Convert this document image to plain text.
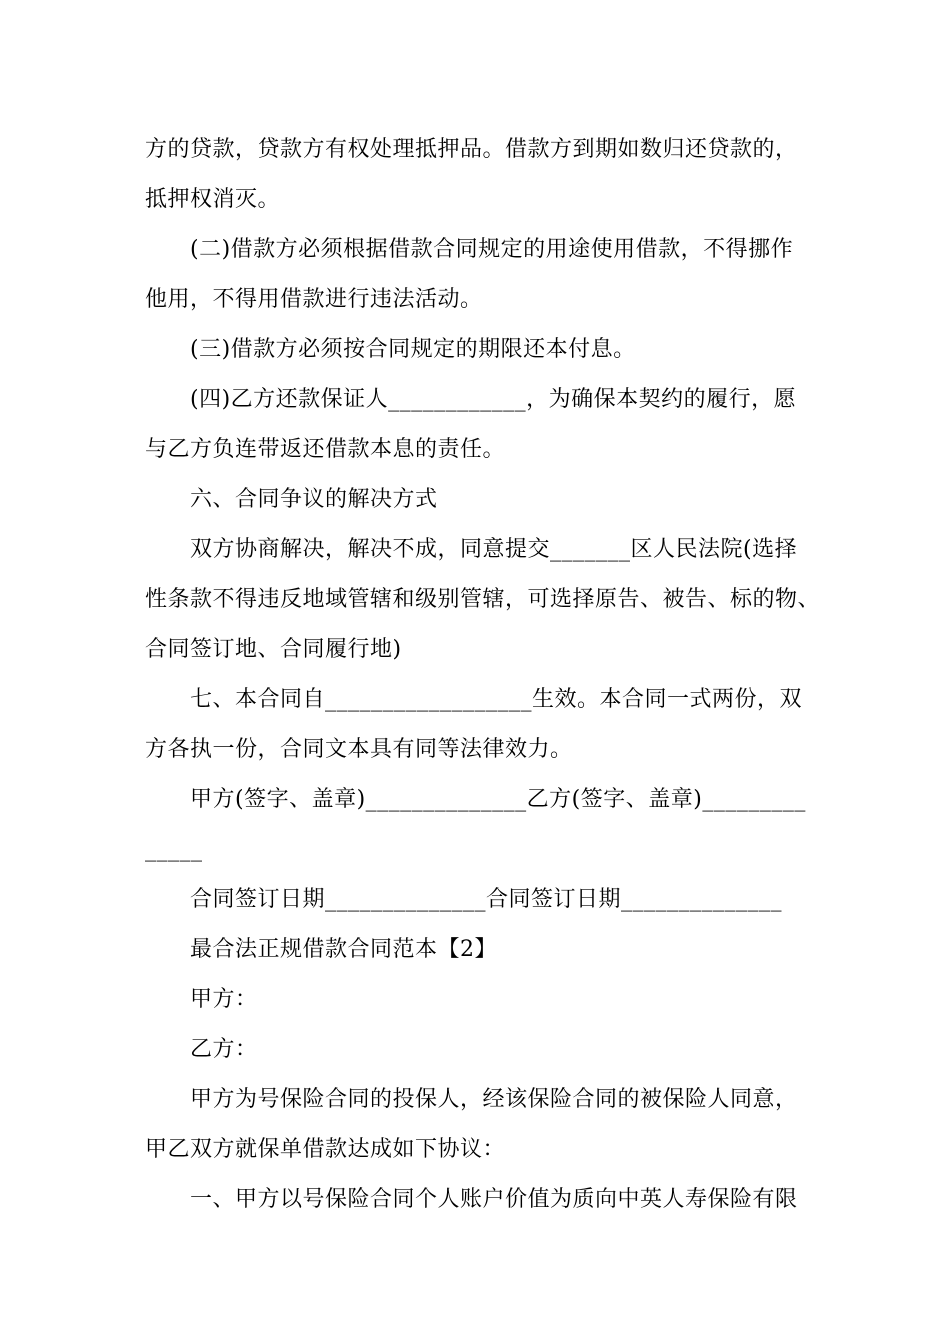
方的贷款，贷款方有权处理抵押品。借款方到期如数归还贷款的，
抵押权消灭。
(二)借款方必须根据借款合同规定的用途使用借款，不得挪作
他用，不得用借款进行违法活动。
(三)借款方必须按合同规定的期限还本付息。
(四)乙方还款保证人____________，为确保本契约的履行，愿
与乙方负连带返还借款本息的责任。
六、合同争议的解决方式
双方协商解决，解决不成，同意提交_______区人民法院(选择
性条款不得违反地域管辖和级别管辖，可选择原告、被告、标的物、
合同签订地、合同履行地)
七、本合同自__________________生效。本合同一式两份，双
方各执一份，合同文本具有同等法律效力。
甲方(签字、盖章)______________乙方(签字、盖章)_________
_____
合同签订日期______________合同签订日期______________
最合法正规借款合同范本【2】
甲方：
乙方：
甲方为号保险合同的投保人，经该保险合同的被保险人同意，
甲乙双方就保单借款达成如下协议：
一、甲方以号保险合同个人账户价值为质向中英人寿保险有限
